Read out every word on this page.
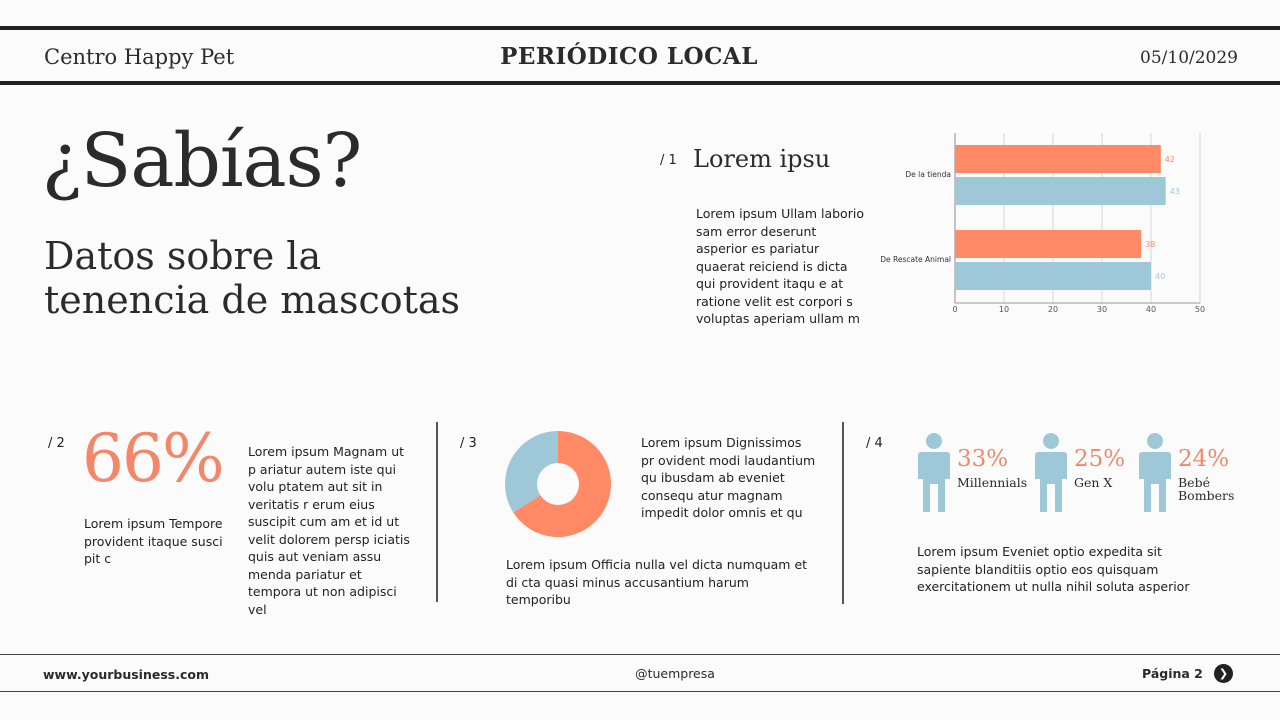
Centro Happy Pet	PERIÓDICO LOCAL	05/10/2029
¿Sabías?
Datos sobre la
tenencia de mascotas
/ 1 Lorem ipsu
Lorem ipsum Ullam laborio sam error deserunt asperior es pariatur quaerat reiciend is dicta qui provident itaqu e at ratione velit est corpori s voluptas aperiam ullam m
0	10	20	30	40	50
De la tienda
42
43
De Rescate Animal
38
40
/ 2 66%
Lorem ipsum Tempore provident itaque susci pit c
Lorem ipsum Magnam ut p ariatur autem iste qui volu ptatem aut sit in veritatis r erum eius suscipit cum am et id ut velit dolorem persp iciatis quis aut veniam assu menda pariatur et tempora ut non adipisci vel
/ 3	Lorem ipsum Dignissimos pr ovident modi laudantium qu ibusdam ab eveniet consequ atur magnam impedit dolor omnis et qu
Lorem ipsum Officia nulla vel dicta numquam et di cta quasi minus accusantium harum temporibu
/ 4
33%
Millennials
25%
Gen X
24%
Bebé Bombers
Lorem ipsum Eveniet optio expedita sit sapiente blanditiis optio eos quisquam exercitationem ut nulla nihil soluta asperior
www.yourbusiness.com	@tuempresa	Página 2	❯
